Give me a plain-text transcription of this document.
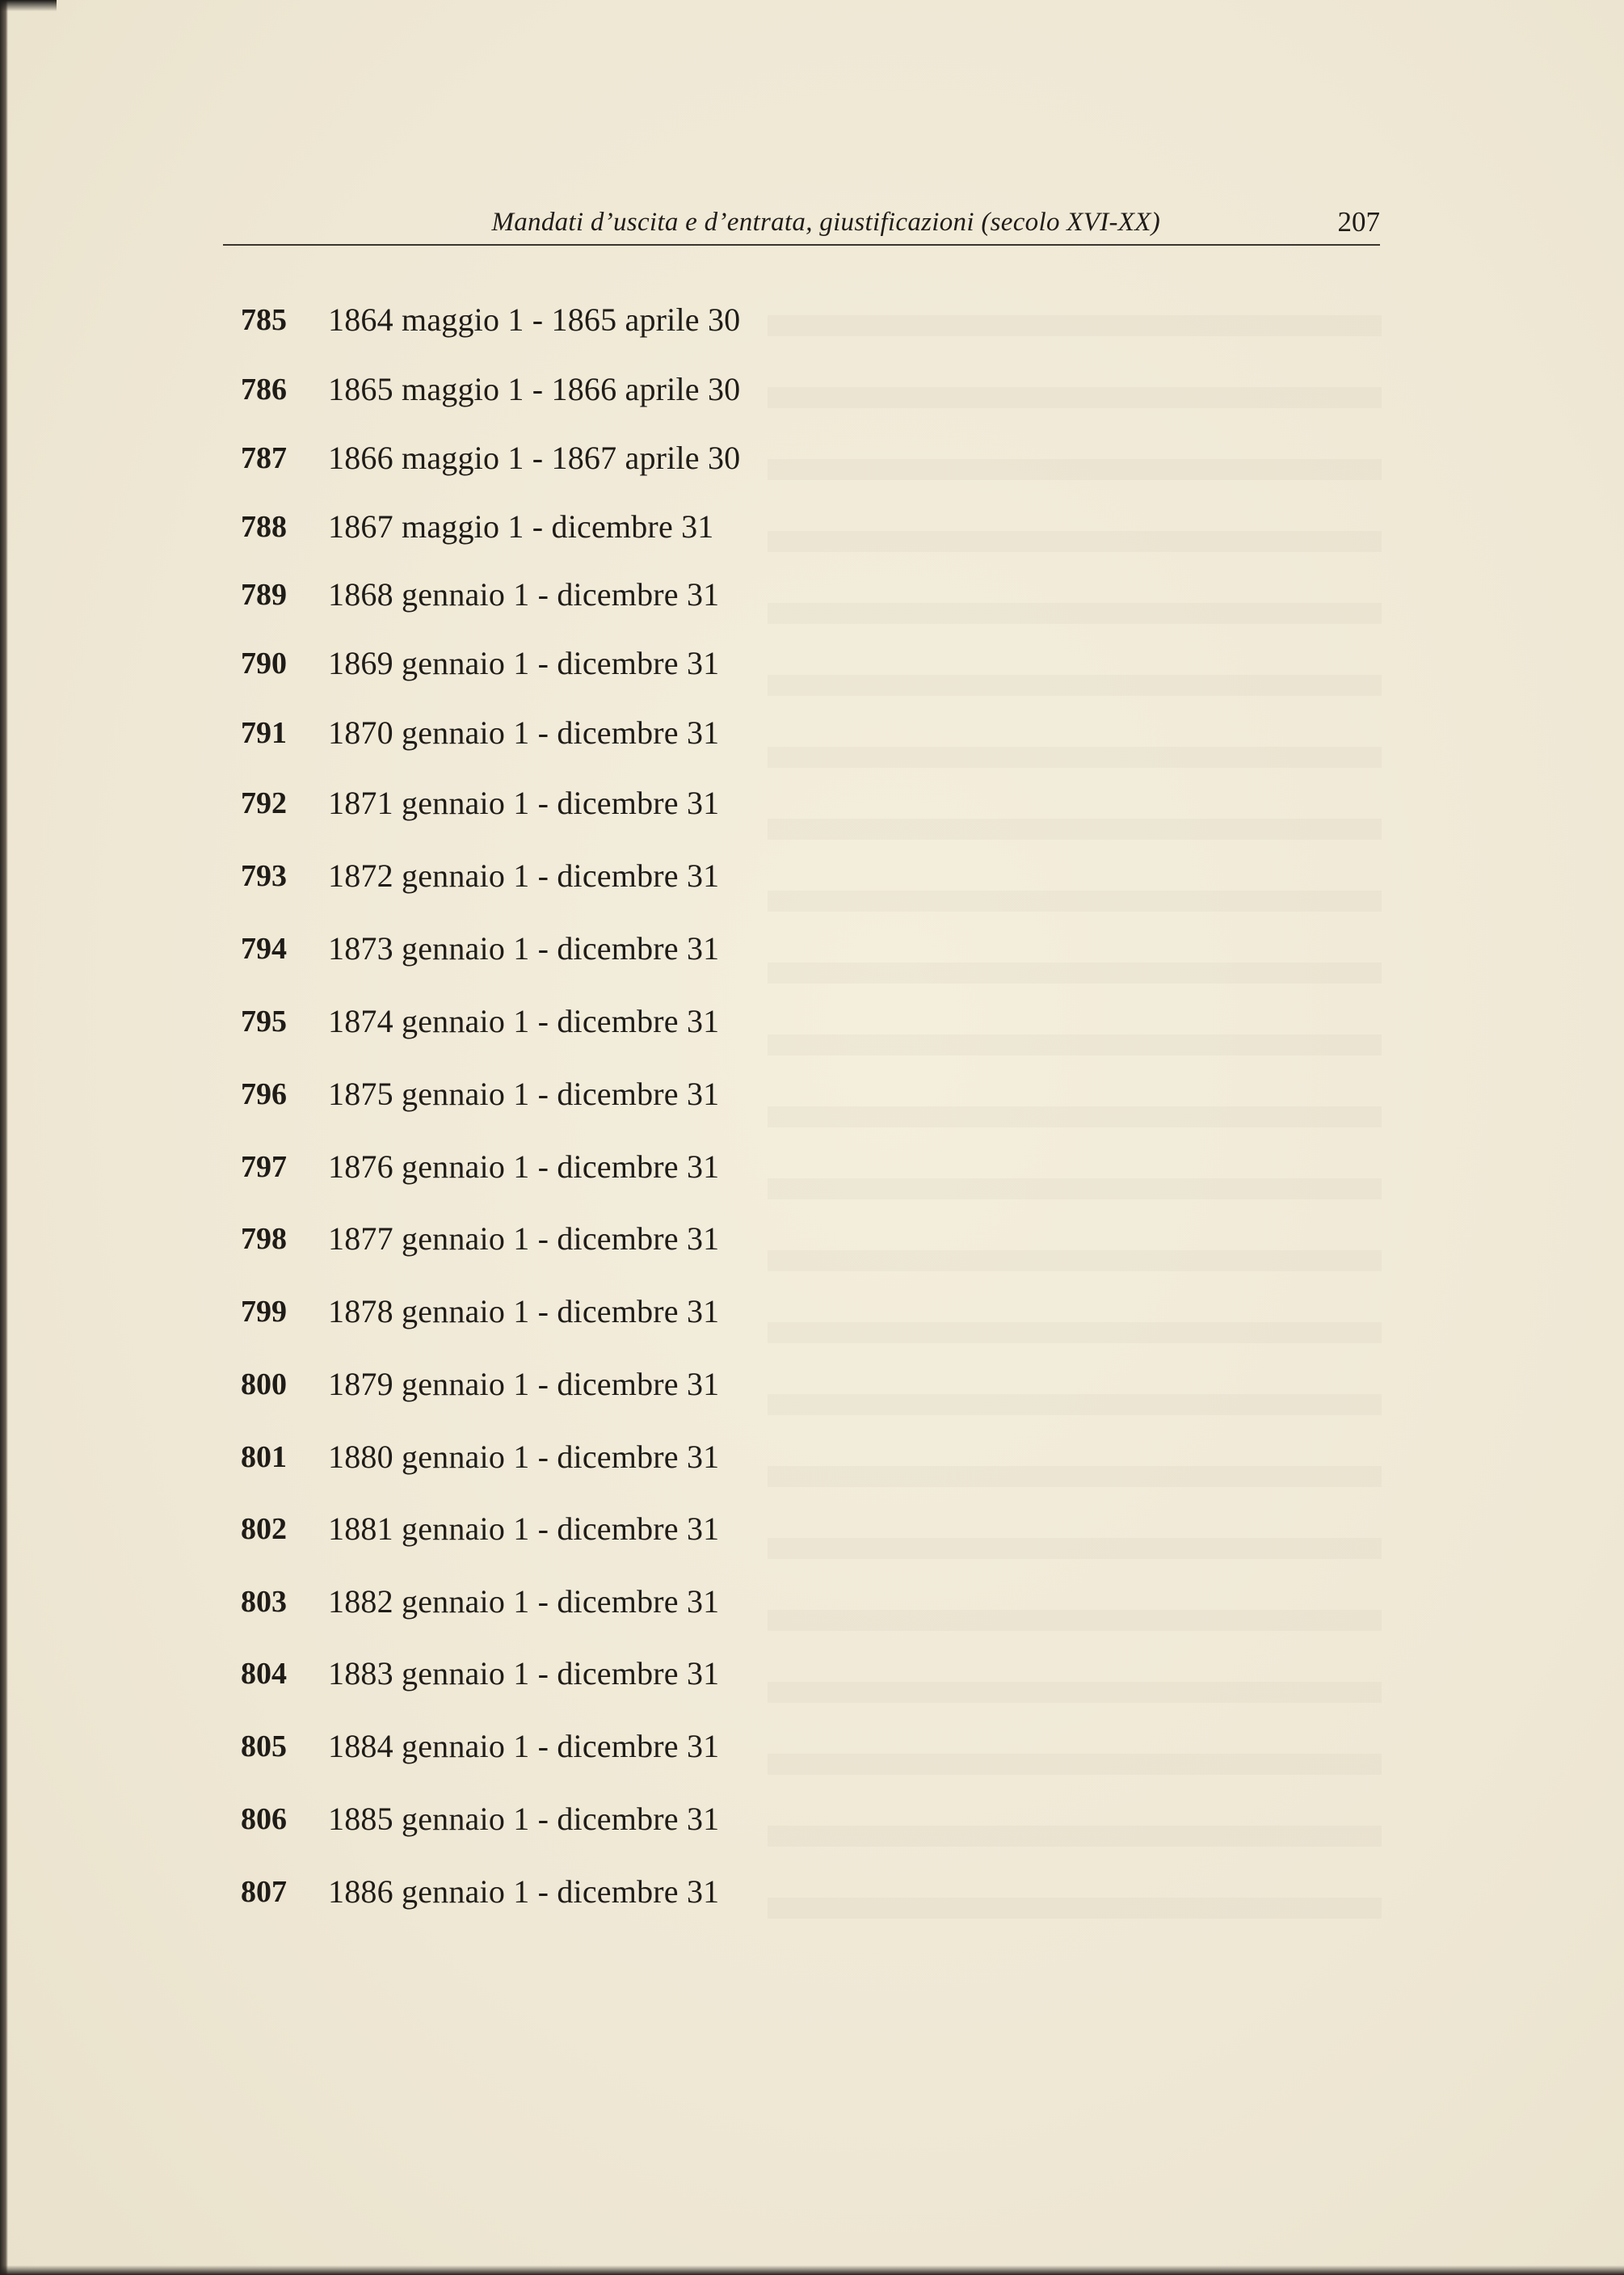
Mandati d’uscita e d’entrata, giustificazioni (secolo XVI-XX)	207
785 1864 maggio 1 - 1865 aprile 30
786 1865 maggio 1 - 1866 aprile 30
787 1866 maggio 1 - 1867 aprile 30
788 1867 maggio 1 - dicembre 31
789 1868 gennaio 1 - dicembre 31
790 1869 gennaio 1 - dicembre 31
791 1870 gennaio 1 - dicembre 31
792 1871 gennaio 1 - dicembre 31
793 1872 gennaio 1 - dicembre 31
794 1873 gennaio 1 - dicembre 31
795 1874 gennaio 1 - dicembre 31
796 1875 gennaio 1 - dicembre 31
797 1876 gennaio 1 - dicembre 31
798 1877 gennaio 1 - dicembre 31
799 1878 gennaio 1 - dicembre 31
800 1879 gennaio 1 - dicembre 31
801 1880 gennaio 1 - dicembre 31
802 1881 gennaio 1 - dicembre 31
803 1882 gennaio 1 - dicembre 31
804 1883 gennaio 1 - dicembre 31
805 1884 gennaio 1 - dicembre 31
806 1885 gennaio 1 - dicembre 31
807 1886 gennaio 1 - dicembre 31
